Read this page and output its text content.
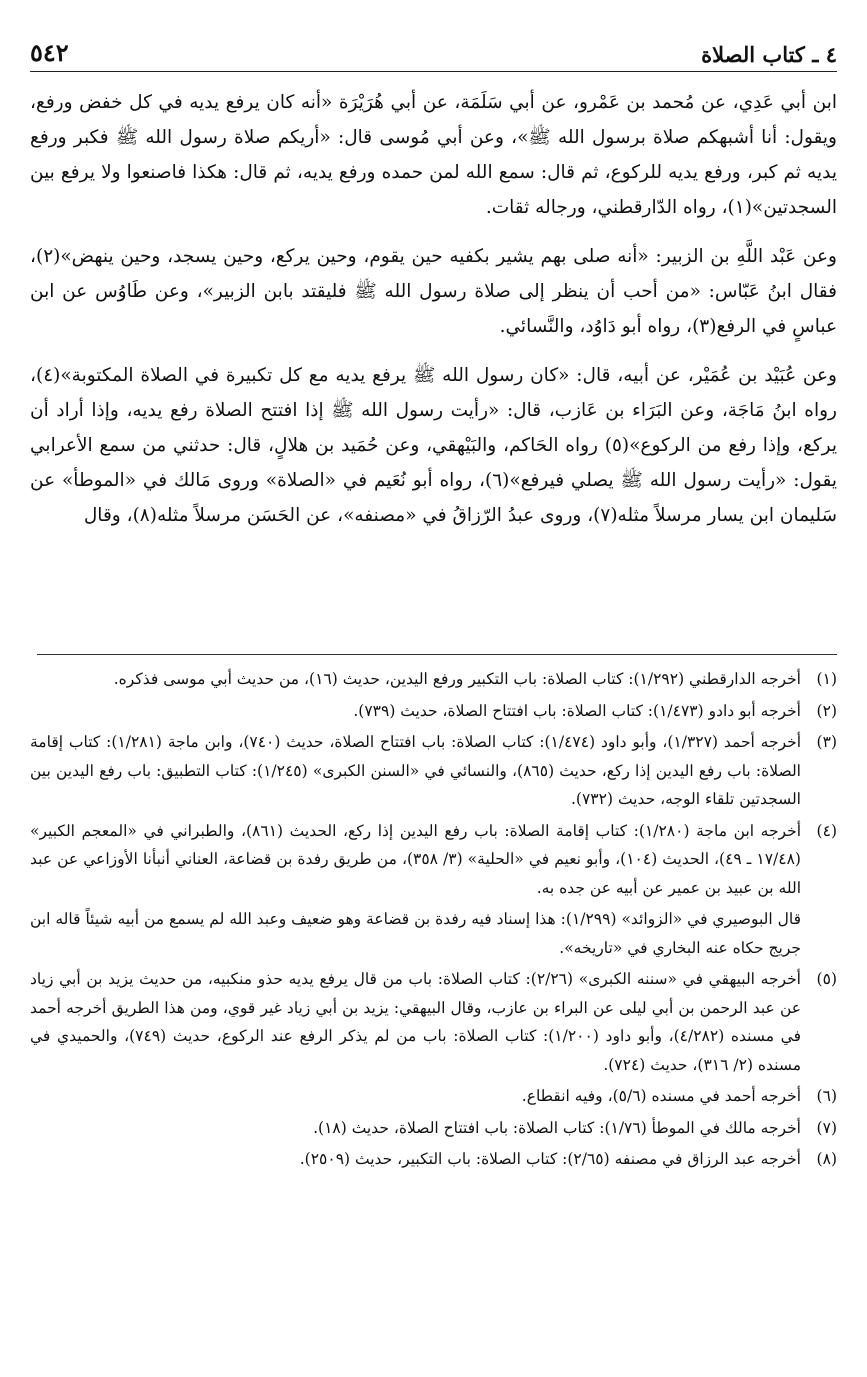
٤ ـ كتاب الصلاة
٥٤٢

ابن أبي عَدِي، عن مُحمد بن عَمْرو، عن أبي سَلَمَة، عن أبي هُرَيْرَة «أنه كان يرفع يديه في كل خفض ورفع، ويقول: أنا أشبهكم صلاة برسول الله ﷺ»، وعن أبي مُوسى قال: «أريكم صلاة رسول الله ﷺ فكبر ورفع يديه ثم كبر، ورفع يديه للركوع، ثم قال: سمع الله لمن حمده ورفع يديه، ثم قال: هكذا فاصنعوا ولا يرفع بين السجدتين»(١)، رواه الدّارقطني، ورجاله ثقات.

وعن عَبْد اللَّهِ بن الزبير: «أنه صلى بهم يشير بكفيه حين يقوم، وحين يركع، وحين يسجد، وحين ينهض»(٢)، فقال ابنُ عَبّاس: «من أحب أن ينظر إلى صلاة رسول الله ﷺ فليقتد بابن الزبير»، وعن طَاوُس عن ابن عباسٍ في الرفع(٣)، رواه أبو دَاوُد، والنَّسائي.

وعن عُبَيْد بن عُمَيْر، عن أبيه، قال: «كان رسول الله ﷺ يرفع يديه مع كل تكبيرة في الصلاة المكتوبة»(٤)، رواه ابنُ مَاجَة، وعن البَرَاء بن عَازب، قال: «رأيت رسول الله ﷺ إذا افتتح الصلاة رفع يديه، وإذا أراد أن يركع، وإذا رفع من الركوع»(٥) رواه الحَاكم، والبَيْهقي، وعن حُمَيد بن هلالٍ، قال: حدثني من سمع الأعرابي يقول: «رأيت رسول الله ﷺ يصلي فيرفع»(٦)، رواه أبو نُعَيم في «الصلاة» وروى مَالك في «الموطأ» عن سَليمان ابن يسار مرسلاً مثله(٧)، وروى عبدُ الرّزاقُ في «مصنفه»، عن الحَسَن مرسلاً مثله(٨)، وقال

(١)
أخرجه الدارقطني (١/٢٩٢): كتاب الصلاة: باب التكبير ورفع اليدين، حديث (١٦)، من حديث أبي موسى فذكره.
(٢)
أخرجه أبو دادو (١/٤٧٣): كتاب الصلاة: باب افتتاح الصلاة، حديث (٧٣٩).
(٣)
أخرجه أحمد (١/٣٢٧)، وأبو داود (١/٤٧٤): كتاب الصلاة: باب افتتاح الصلاة، حديث (٧٤٠)، وابن ماجة (١/٢٨١): كتاب إقامة الصلاة: باب رفع اليدين إذا ركع، حديث (٨٦٥)، والنسائي في «السنن الكبرى» (١/٢٤٥): كتاب التطبيق: باب رفع اليدين بين السجدتين تلقاء الوجه، حديث (٧٣٢).
(٤)
أخرجه ابن ماجة (١/٢٨٠): كتاب إقامة الصلاة: باب رفع اليدين إذا ركع، الحديث (٨٦١)، والطبراني في «المعجم الكبير» (١٧/٤٨ ـ ٤٩)، الحديث (١٠٤)، وأبو نعيم في «الحلية» (٣/ ٣٥٨)، من طريق رفدة بن قضاعة، العناني أنبأنا الأوزاعي عن عبد الله بن عبيد بن عمير عن أبيه عن جده به.
قال البوصيري في «الزوائد» (١/٢٩٩): هذا إسناد فيه رفدة بن قضاعة وهو ضعيف وعبد الله لم يسمع من أبيه شيئاً قاله ابن جريج حكاه عنه البخاري في «تاريخه».
(٥)
أخرجه البيهقي في «سننه الكبرى» (٢/٢٦): كتاب الصلاة: باب من قال يرفع يديه حذو منكبيه، من حديث يزيد بن أبي زياد عن عبد الرحمن بن أبي ليلى عن البراء بن عازب، وقال البيهقي: يزيد بن أبي زياد غير قوي، ومن هذا الطريق أخرجه أحمد في مسنده (٤/٢٨٢)، وأبو داود (١/٢٠٠): كتاب الصلاة: باب من لم يذكر الرفع عند الركوع، حديث (٧٤٩)، والحميدي في مسنده (٢/ ٣١٦)، حديث (٧٢٤).
(٦)
أخرجه أحمد في مسنده (٥/٦)، وفيه انقطاع.
(٧)
أخرجه مالك في الموطأ (١/٧٦): كتاب الصلاة: باب افتتاح الصلاة، حديث (١٨).
(٨)
أخرجه عبد الرزاق في مصنفه (٢/٦٥): كتاب الصلاة: باب التكبير، حديث (٢٥٠٩).
